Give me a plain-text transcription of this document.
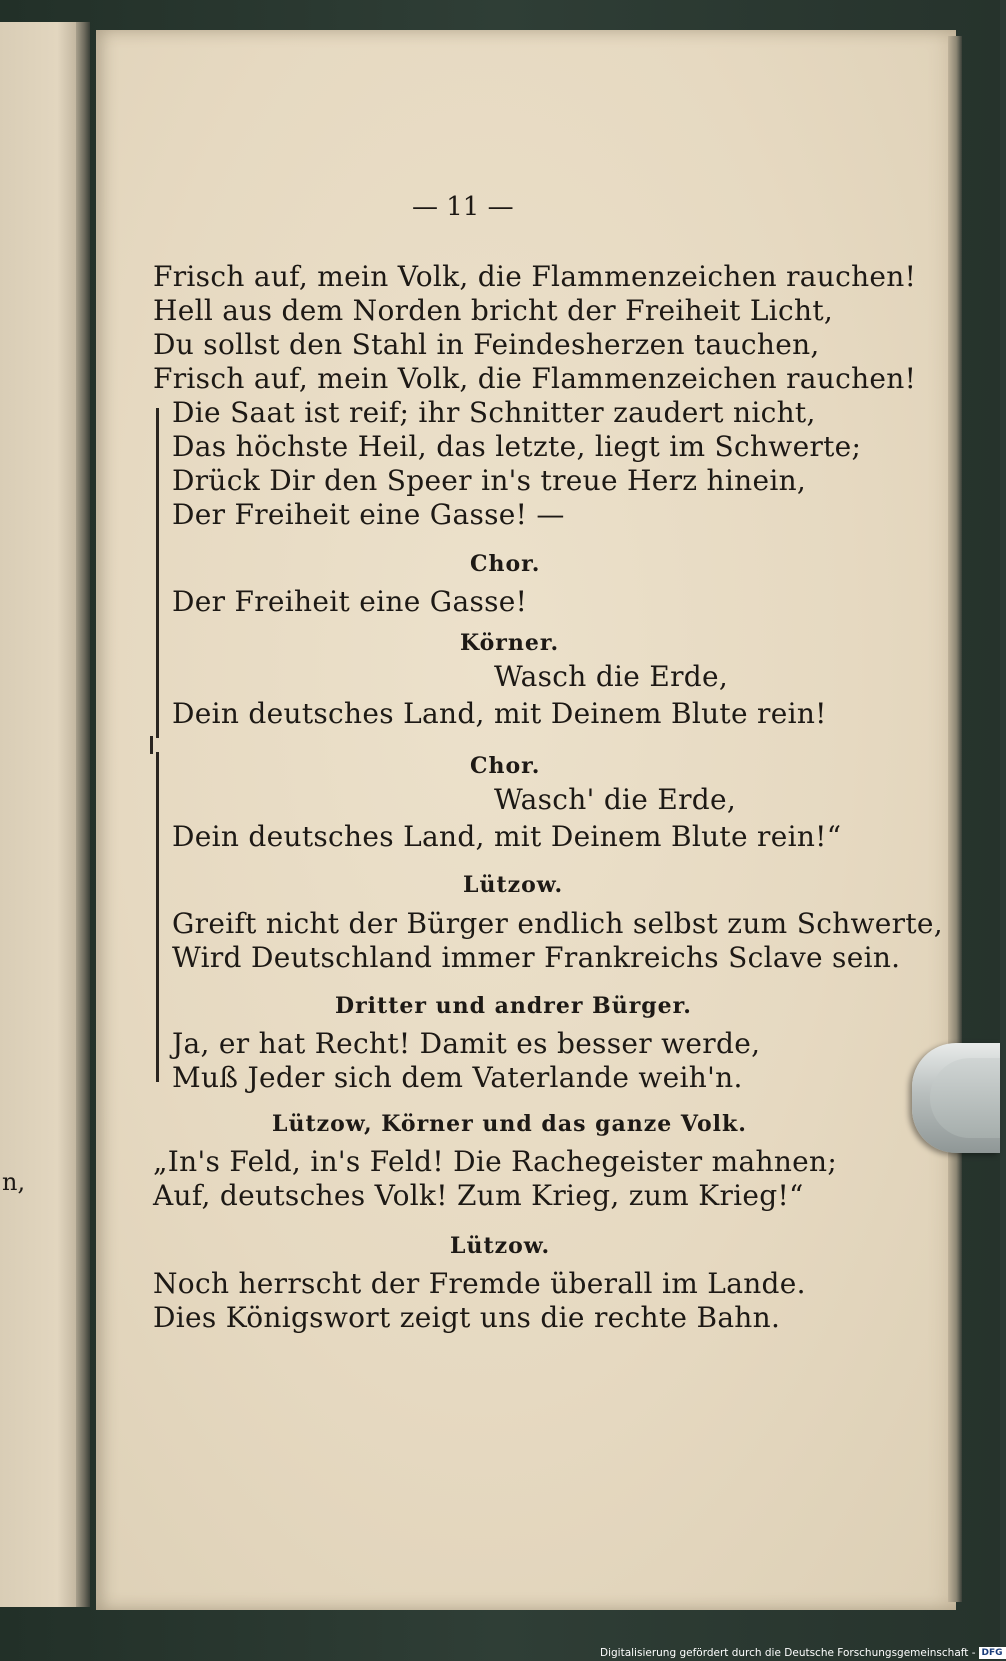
n,
— 11 —
Frisch auf, mein Volk, die Flammenzeichen rauchen!
Hell aus dem Norden bricht der Freiheit Licht,
Du sollst den Stahl in Feindesherzen tauchen,
Frisch auf, mein Volk, die Flammenzeichen rauchen!
Die Saat ist reif; ihr Schnitter zaudert nicht,
Das höchste Heil, das letzte, liegt im Schwerte;
Drück Dir den Speer in's treue Herz hinein,
Der Freiheit eine Gasse! —
Chor.
Der Freiheit eine Gasse!
Körner.
Wasch die Erde,
Dein deutsches Land, mit Deinem Blute rein!
Chor.
Wasch' die Erde,
Dein deutsches Land, mit Deinem Blute rein!“
Lützow.
Greift nicht der Bürger endlich selbst zum Schwerte,
Wird Deutschland immer Frankreichs Sclave sein.
Dritter und andrer Bürger.
Ja, er hat Recht! Damit es besser werde,
Muß Jeder sich dem Vaterlande weih'n.
Lützow, Körner und das ganze Volk.
„In's Feld, in's Feld! Die Rachegeister mahnen;
Auf, deutsches Volk! Zum Krieg, zum Krieg!“
Lützow.
Noch herrscht der Fremde überall im Lande.
Dies Königswort zeigt uns die rechte Bahn.
Digitalisierung gefördert durch die Deutsche Forschungsgemeinschaft - DFG
